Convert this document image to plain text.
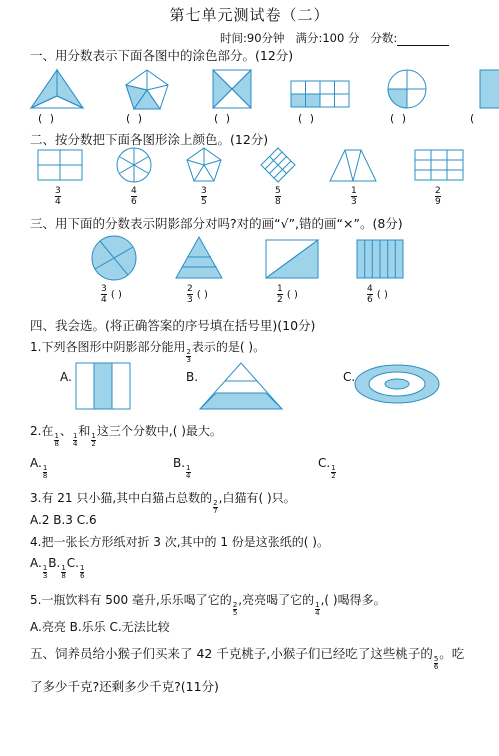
第七单元测试卷（二）
时间:90分钟 满分:100 分 分数:
一、用分数表示下面各图中的涂色部分。(12分)
( )	( )	( )	( )	( )	(
二、按分数把下面各图形涂上颜色。(12分)
$\frac{3}{4}$	$\frac{4}{6}$	$\frac{3}{5}$	$\frac{5}{8}$	$\frac{1}{3}$	$\frac{2}{9}$
三、用下面的分数表示阴影部分对吗?对的画“√”,错的画“×”。(8分)
$\frac{3}{4}$ ( )	$\frac{2}{3}$ ( )	$\frac{1}{2}$ ( )	$\frac{4}{6}$ ( )
四、我会选。(将正确答案的序号填在括号里)(10分)
1.下列各图形中阴影部分能用
$\frac{2}{3}$
表示的是( )。
A.	B.	C.
2.在
$\frac{1}{8}$
、
$\frac{1}{4}$
和
$\frac{1}{2}$
这三个分数中,( )最大。
A.
$\frac{1}{8}$
B.
$\frac{1}{4}$
C.
$\frac{1}{2}$
3.有 21 只小猫,其中白猫占总数的
$\frac{2}{7}$
,白猫有( )只。
A.2 B.3 C.6
4.把一张长方形纸对折 3 次,其中的 1 份是这张纸的( )。
A.
$\frac{1}{3}$
B.
$\frac{1}{8}$
C.
$\frac{1}{6}$
5.一瓶饮料有 500 毫升,乐乐喝了它的
$\frac{2}{5}$
,亮亮喝了它的
$\frac{1}{4}$
,( )喝得多。
A.亮亮 B.乐乐 C.无法比较
五、饲养员给小猴子们买来了 42 千克桃子,小猴子们已经吃了这些桃子的
$\frac{5}{6}$
。吃
了多少千克?还剩多少千克?(11分)
